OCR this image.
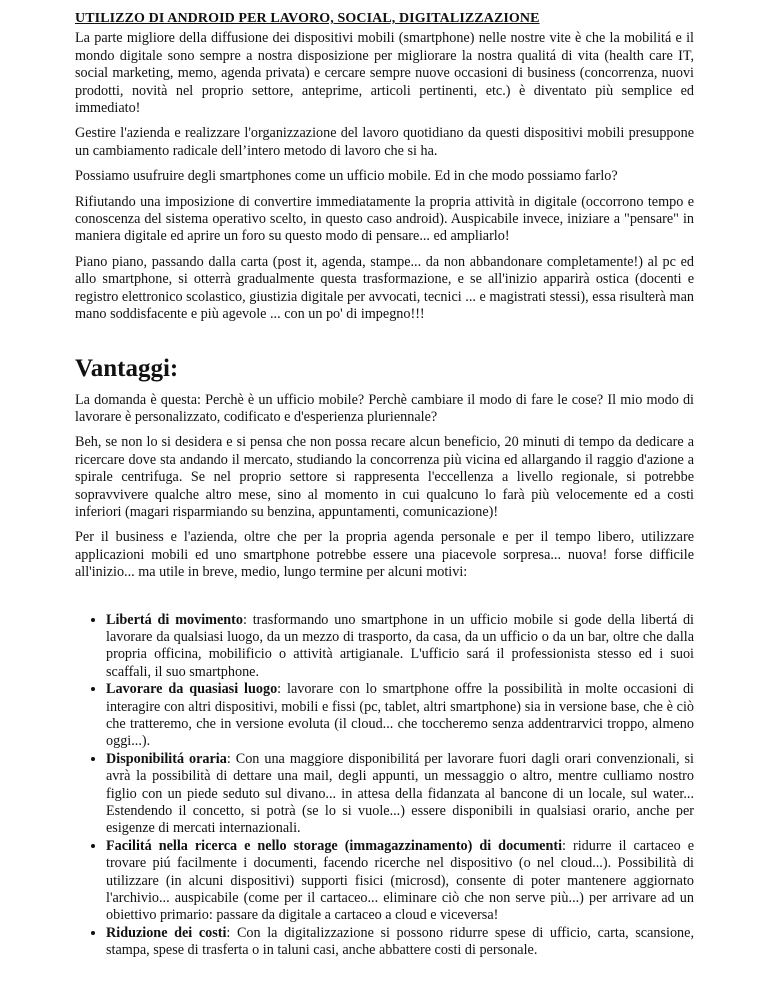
UTILIZZO DI ANDROID PER LAVORO, SOCIAL, DIGITALIZZAZIONE

La parte migliore della diffusione dei dispositivi mobili (smartphone) nelle nostre vite è che la mobilitá e il mondo digitale sono sempre a nostra disposizione per migliorare la nostra qualitá di vita (health care IT, social marketing, memo, agenda privata) e cercare sempre nuove occasioni di business (concorrenza, nuovi prodotti, novità nel proprio settore, anteprime, articoli pertinenti, etc.) è diventato più semplice ed immediato!

Gestire l'azienda e realizzare l'organizzazione del lavoro quotidiano da questi dispositivi mobili presuppone un cambiamento radicale dell’intero metodo di lavoro che si ha.

Possiamo usufruire degli smartphones come un ufficio mobile. Ed in che modo possiamo farlo?

Rifiutando una imposizione di convertire immediatamente la propria attività in digitale (occorrono tempo e conoscenza del sistema operativo scelto, in questo caso android). Auspicabile invece, iniziare a "pensare" in maniera digitale ed aprire un foro su questo modo di pensare... ed ampliarlo!

Piano piano, passando dalla carta (post it, agenda, stampe... da non abbandonare completamente!) al pc ed allo smartphone, si otterrà gradualmente questa trasformazione, e se all'inizio apparirà ostica (docenti e registro elettronico scolastico, giustizia digitale per avvocati, tecnici ... e magistrati stessi), essa risulterà man mano soddisfacente e più agevole ... con un po' di impegno!!!

Vantaggi:

La domanda è questa: Perchè è un ufficio mobile? Perchè cambiare il modo di fare le cose? Il mio modo di lavorare è personalizzato, codificato e d'esperienza pluriennale?

Beh, se non lo si desidera e si pensa che non possa recare alcun beneficio, 20 minuti di tempo da dedicare a ricercare dove sta andando il mercato, studiando la concorrenza più vicina ed allargando il raggio d'azione a spirale centrifuga. Se nel proprio settore si rappresenta l'eccellenza a livello regionale, si potrebbe sopravvivere qualche altro mese, sino al momento in cui qualcuno lo farà più velocemente ed a costi inferiori (magari risparmiando su benzina, appuntamenti, comunicazione)!

Per il business e l'azienda, oltre che per la propria agenda personale e per il tempo libero, utilizzare applicazioni mobili ed uno smartphone potrebbe essere una piacevole sorpresa... nuova! forse difficile all'inizio... ma utile in breve, medio, lungo termine per alcuni motivi:

• Libertá di movimento: trasformando uno smartphone in un ufficio mobile si gode della libertá di lavorare da qualsiasi luogo, da un mezzo di trasporto, da casa, da un ufficio o da un bar, oltre che dalla propria officina, mobilificio o attività artigianale. L'ufficio sará il professionista stesso ed i suoi scaffali, il suo smartphone.
• Lavorare da quasiasi luogo: lavorare con lo smartphone offre la possibilità in molte occasioni di interagire con altri dispositivi, mobili e fissi (pc, tablet, altri smartphone) sia in versione base, che è ciò che tratteremo, che in versione evoluta (il cloud... che toccheremo senza addentrarvici troppo, almeno oggi...).
• Disponibilitá oraria: Con una maggiore disponibilitá per lavorare fuori dagli orari convenzionali, si avrà la possibilità di dettare una mail, degli appunti, un messaggio o altro, mentre culliamo nostro figlio con un piede seduto sul divano... in attesa della fidanzata al bancone di un locale, sul water... Estendendo il concetto, si potrà (se lo si vuole...) essere disponibili in qualsiasi orario, anche per esigenze di mercati internazionali.
• Facilitá nella ricerca e nello storage (immagazzinamento) di documenti: ridurre il cartaceo e trovare piú facilmente i documenti, facendo ricerche nel dispositivo (o nel cloud...). Possibilità di utilizzare (in alcuni dispositivi) supporti fisici (microsd), consente di poter mantenere aggiornato l'archivio... auspicabile (come per il cartaceo... eliminare ciò che non serve più...) per arrivare ad un obiettivo primario: passare da digitale a cartaceo a cloud e viceversa!
• Riduzione dei costi: Con la digitalizzazione si possono ridurre spese di ufficio, carta, scansione, stampa, spese di trasferta o in taluni casi, anche abbattere costi di personale.
